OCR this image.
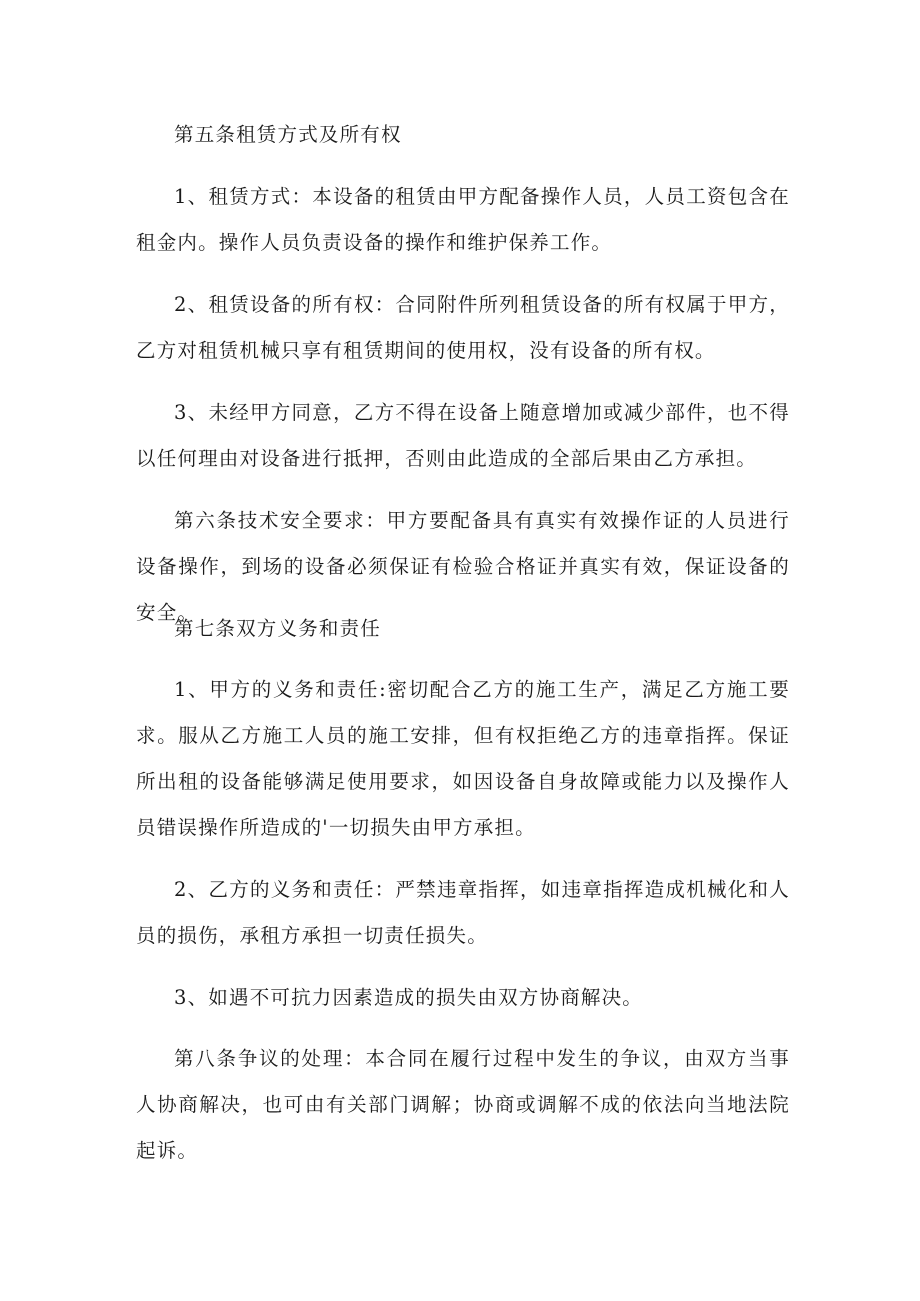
第五条租赁方式及所有权

1、租赁方式：本设备的租赁由甲方配备操作人员，人员工资包含在租金内。操作人员负责设备的操作和维护保养工作。

2、租赁设备的所有权：合同附件所列租赁设备的所有权属于甲方，乙方对租赁机械只享有租赁期间的使用权，没有设备的所有权。

3、未经甲方同意，乙方不得在设备上随意增加或减少部件，也不得以任何理由对设备进行抵押，否则由此造成的全部后果由乙方承担。

第六条技术安全要求：甲方要配备具有真实有效操作证的人员进行设备操作，到场的设备必须保证有检验合格证并真实有效，保证设备的安全。

第七条双方义务和责任

1、甲方的义务和责任:密切配合乙方的施工生产，满足乙方施工要求。服从乙方施工人员的施工安排，但有权拒绝乙方的违章指挥。保证所出租的设备能够满足使用要求，如因设备自身故障或能力以及操作人员错误操作所造成的'一切损失由甲方承担。

2、乙方的义务和责任：严禁违章指挥，如违章指挥造成机械化和人员的损伤，承租方承担一切责任损失。

3、如遇不可抗力因素造成的损失由双方协商解决。

第八条争议的处理：本合同在履行过程中发生的争议，由双方当事人协商解决，也可由有关部门调解；协商或调解不成的依法向当地法院起诉。
